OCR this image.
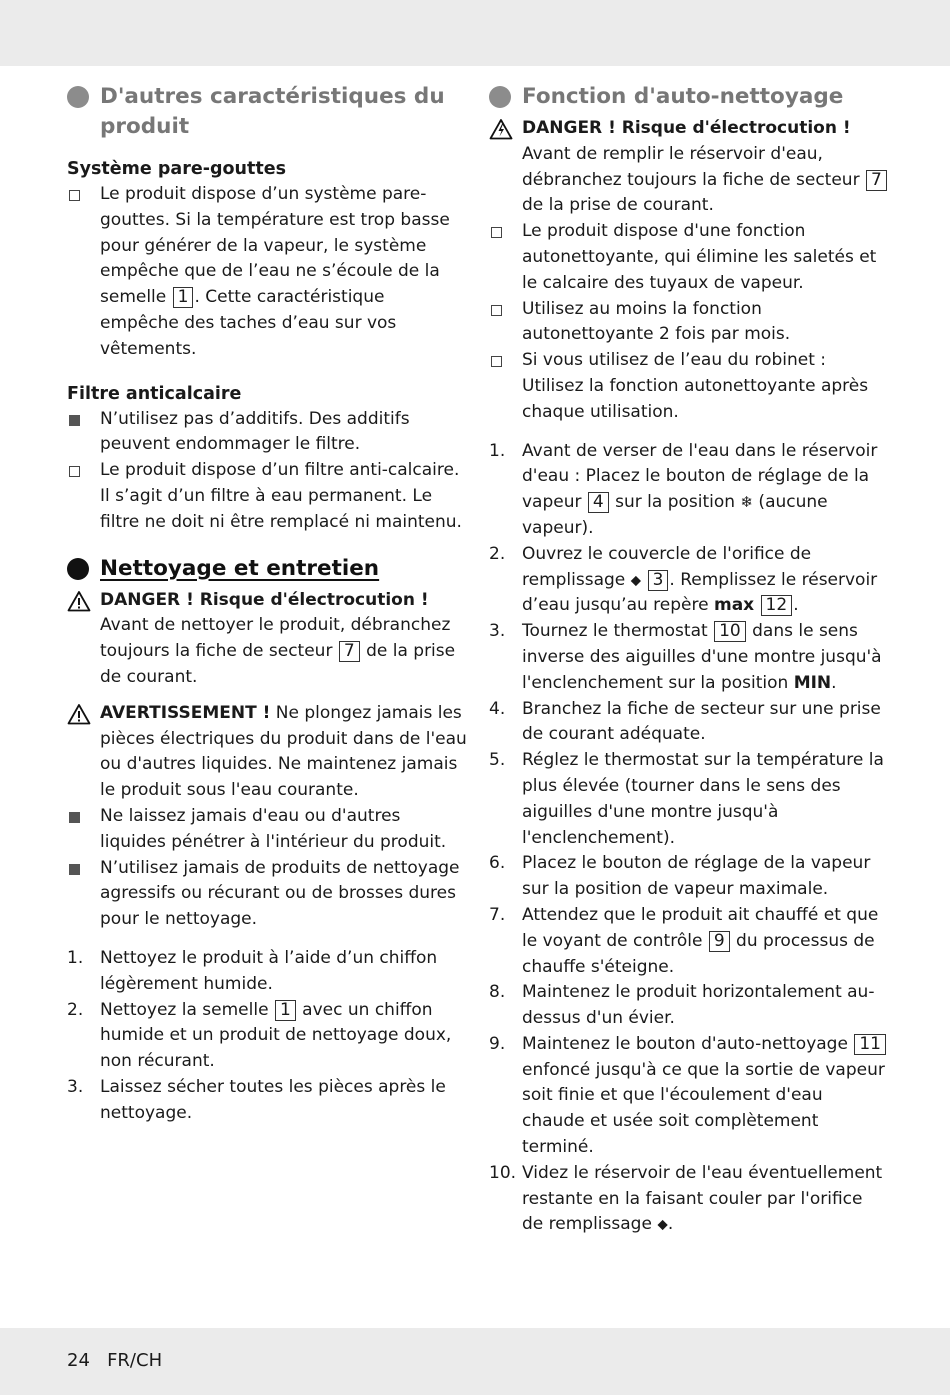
D'autres caractéristiques du produit
Système pare-gouttes
Le produit dispose d’un système pare-gouttes. Si la température est trop basse pour générer de la vapeur, le système empêche que de l’eau ne s’écoule de la semelle 1 . Cette caractéristique empêche des taches d’eau sur vos vêtements.
Filtre anticalcaire
N’utilisez pas d’additifs. Des additifs peuvent endommager le filtre.
Le produit dispose d’un filtre anti-calcaire. Il s’agit d’un filtre à eau permanent. Le filtre ne doit ni être remplacé ni maintenu.
Nettoyage et entretien
DANGER ! Risque d'électrocution !
Avant de nettoyer le produit, débranchez toujours la fiche de secteur 7 de la prise de courant.
AVERTISSEMENT ! Ne plongez jamais les pièces électriques du produit dans de l'eau ou d'autres liquides. Ne maintenez jamais le produit sous l'eau courante.
Ne laissez jamais d'eau ou d'autres liquides pénétrer à l'intérieur du produit.
N’utilisez jamais de produits de nettoyage agressifs ou récurant ou de brosses dures pour le nettoyage.
1. Nettoyez le produit à l’aide d’un chiffon légèrement humide.
2. Nettoyez la semelle 1 avec un chiffon humide et un produit de nettoyage doux, non récurant.
3. Laissez sécher toutes les pièces après le nettoyage.
Fonction d'auto-nettoyage
DANGER ! Risque d'électrocution !
Avant de remplir le réservoir d'eau, débranchez toujours la fiche de secteur 7
de la prise de courant.
Le produit dispose d'une fonction autonettoyante, qui élimine les saletés et le calcaire des tuyaux de vapeur.
Utilisez au moins la fonction autonettoyante 2 fois par mois.
Si vous utilisez de l’eau du robinet : Utilisez la fonction autonettoyante après chaque utilisation.
1. Avant de verser de l'eau dans le réservoir d'eau : Placez le bouton de réglage de la vapeur 4 sur la position ❄ (aucune vapeur).
2. Ouvrez le couvercle de l'orifice de remplissage ⬥ 3 . Remplissez le réservoir d’eau jusqu’au repère max 12 .
3. Tournez le thermostat 10 dans le sens inverse des aiguilles d'une montre jusqu'à l'enclenchement sur la position MIN.
4. Branchez la fiche de secteur sur une prise de courant adéquate.
5. Réglez le thermostat sur la température la plus élevée (tourner dans le sens des aiguilles d'une montre jusqu'à l'enclenchement).
6. Placez le bouton de réglage de la vapeur sur la position de vapeur maximale.
7. Attendez que le produit ait chauffé et que le voyant de contrôle 9 du processus de chauffe s'éteigne.
8. Maintenez le produit horizontalement au-dessus d'un évier.
9. Maintenez le bouton d'auto-nettoyage 11 enfoncé jusqu'à ce que la sortie de vapeur soit finie et que l'écoulement d'eau chaude et usée soit complètement terminé.
10. Videz le réservoir de l'eau éventuellement restante en la faisant couler par l'orifice de remplissage ⬥.
24   FR/CH
